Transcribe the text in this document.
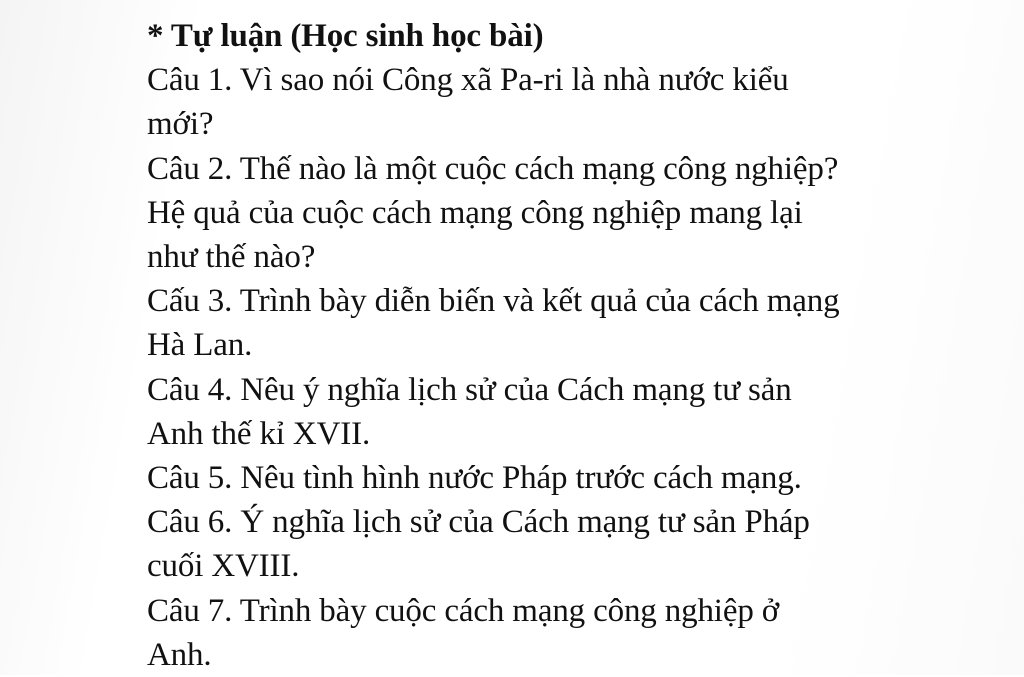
* Tự luận (Học sinh học bài)
Câu 1. Vì sao nói Công xã Pa-ri là nhà nước kiểu
mới?
Câu 2. Thế nào là một cuộc cách mạng công nghiệp?
Hệ quả của cuộc cách mạng công nghiệp mang lại
như thế nào?
Cấu 3. Trình bày diễn biến và kết quả của cách mạng
Hà Lan.
Câu 4. Nêu ý nghĩa lịch sử của Cách mạng tư sản
Anh thế kỉ XVII.
Câu 5. Nêu tình hình nước Pháp trước cách mạng.
Câu 6. Ý nghĩa lịch sử của Cách mạng tư sản Pháp
cuối XVIII.
Câu 7. Trình bày cuộc cách mạng công nghiệp ở
Anh.
